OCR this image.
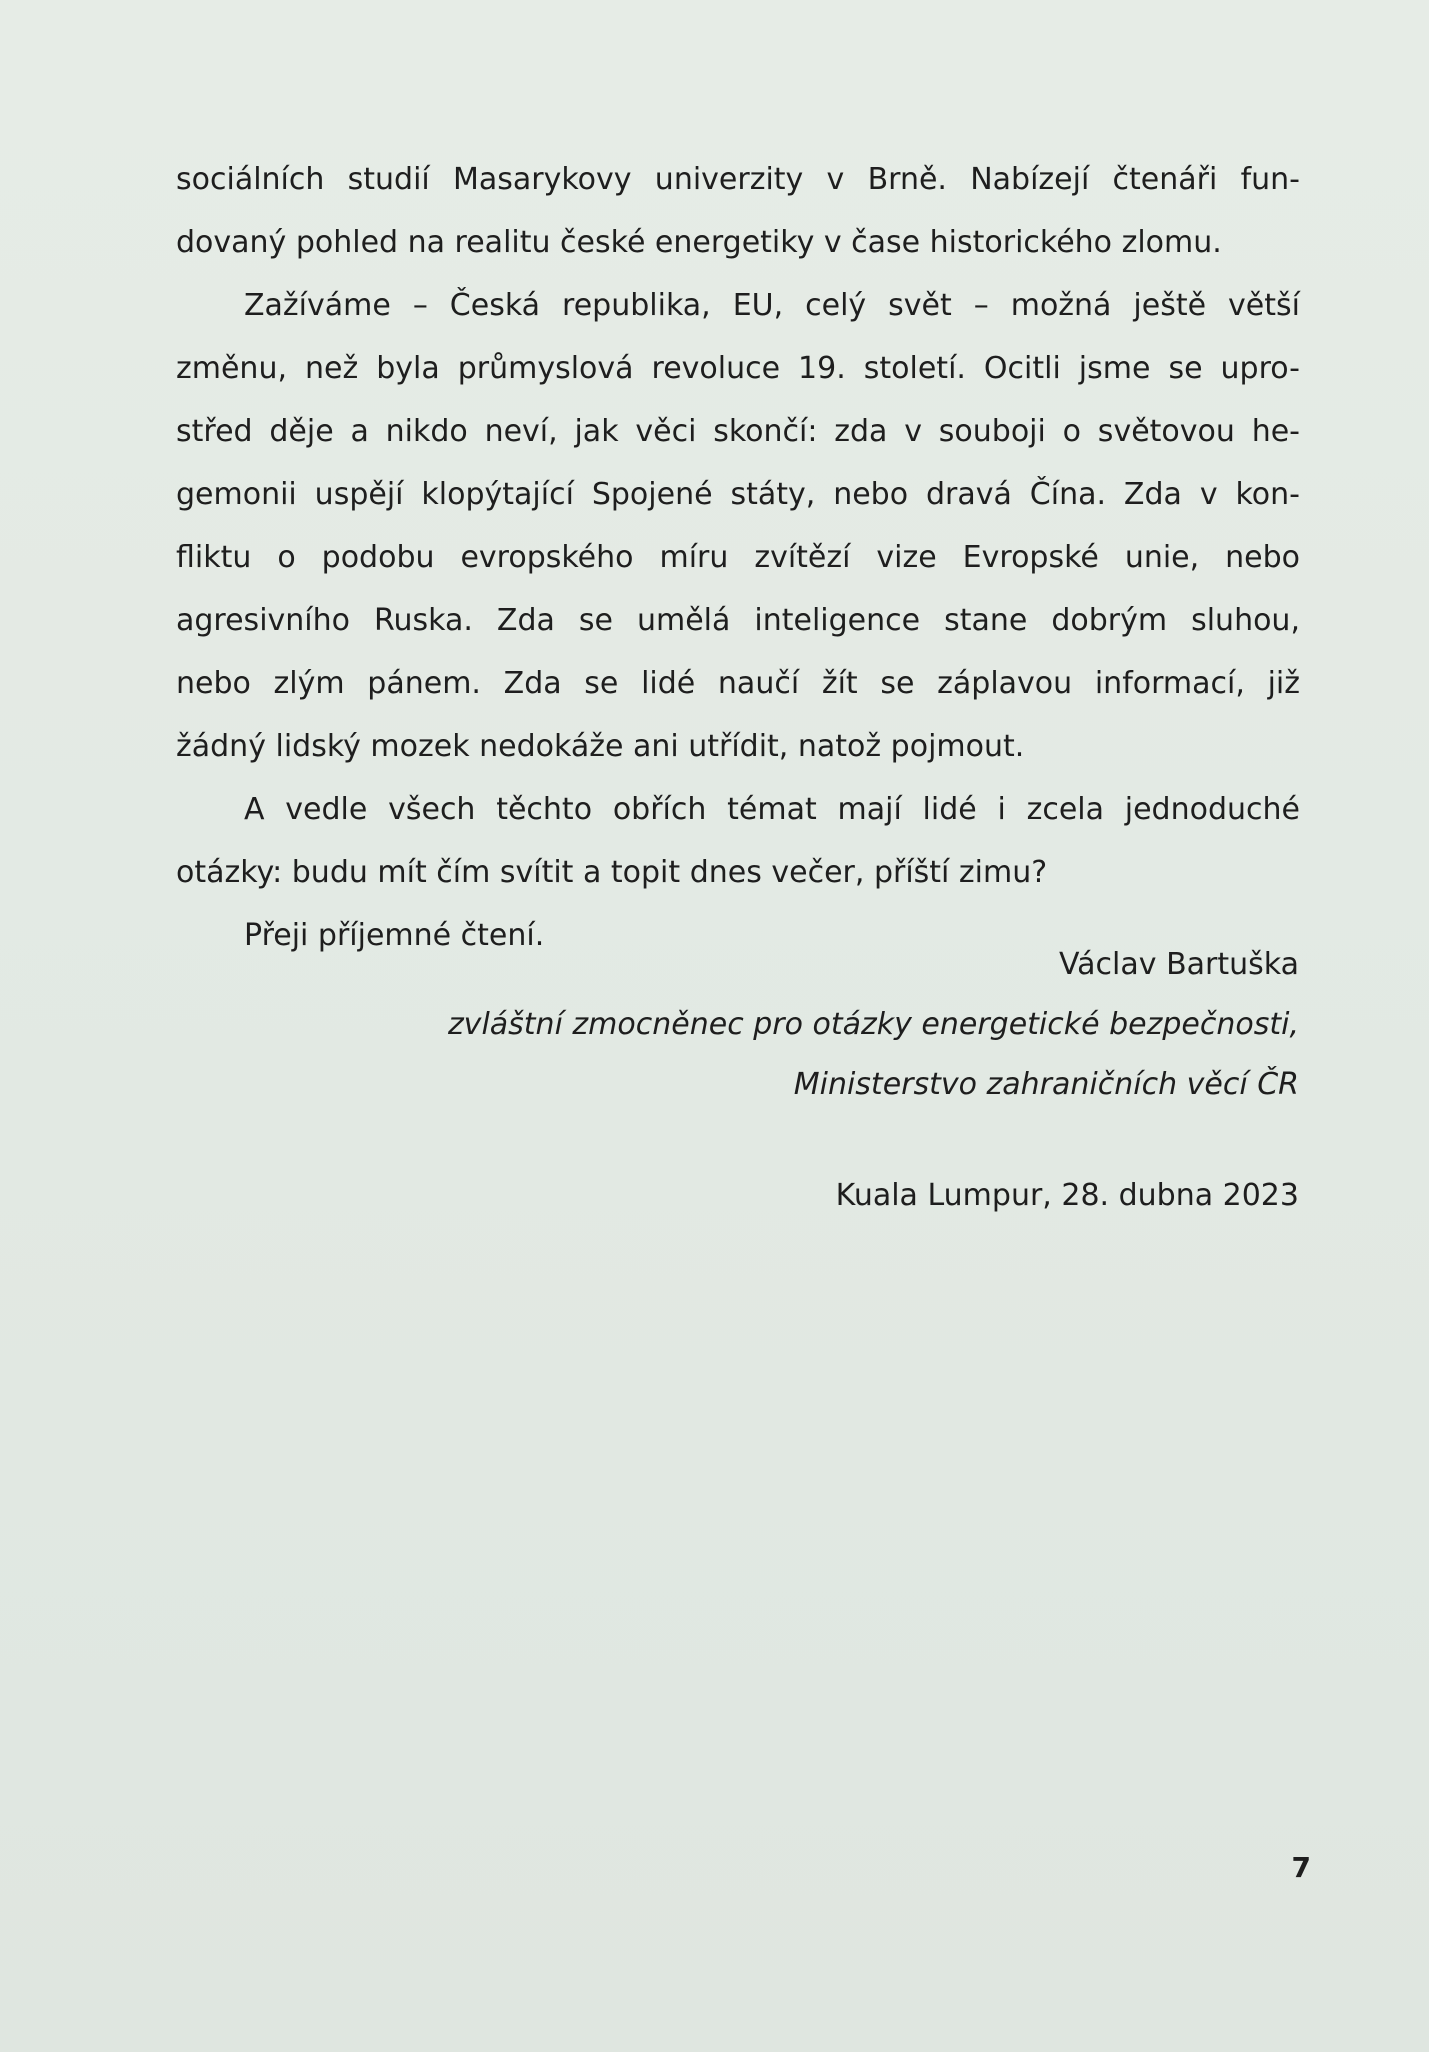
sociálních studií Masarykovy univerzity v Brně. Nabízejí čtenáři fun-
dovaný pohled na realitu české energetiky v čase historického zlomu.
Zažíváme – Česká republika, EU, celý svět – možná ještě větší
změnu, než byla průmyslová revoluce 19. století. Ocitli jsme se upro-
střed děje a nikdo neví, jak věci skončí: zda v souboji o světovou he-
gemonii uspějí klopýtající Spojené státy, nebo dravá Čína. Zda v kon-
fliktu o podobu evropského míru zvítězí vize Evropské unie, nebo
agresivního Ruska. Zda se umělá inteligence stane dobrým sluhou,
nebo zlým pánem. Zda se lidé naučí žít se záplavou informací, již
žádný lidský mozek nedokáže ani utřídit, natož pojmout.
A vedle všech těchto obřích témat mají lidé i zcela jednoduché
otázky: budu mít čím svítit a topit dnes večer, příští zimu?
Přeji příjemné čtení.
Václav Bartuška
zvláštní zmocněnec pro otázky energetické bezpečnosti,
Ministerstvo zahraničních věcí ČR
Kuala Lumpur, 28. dubna 2023
7
